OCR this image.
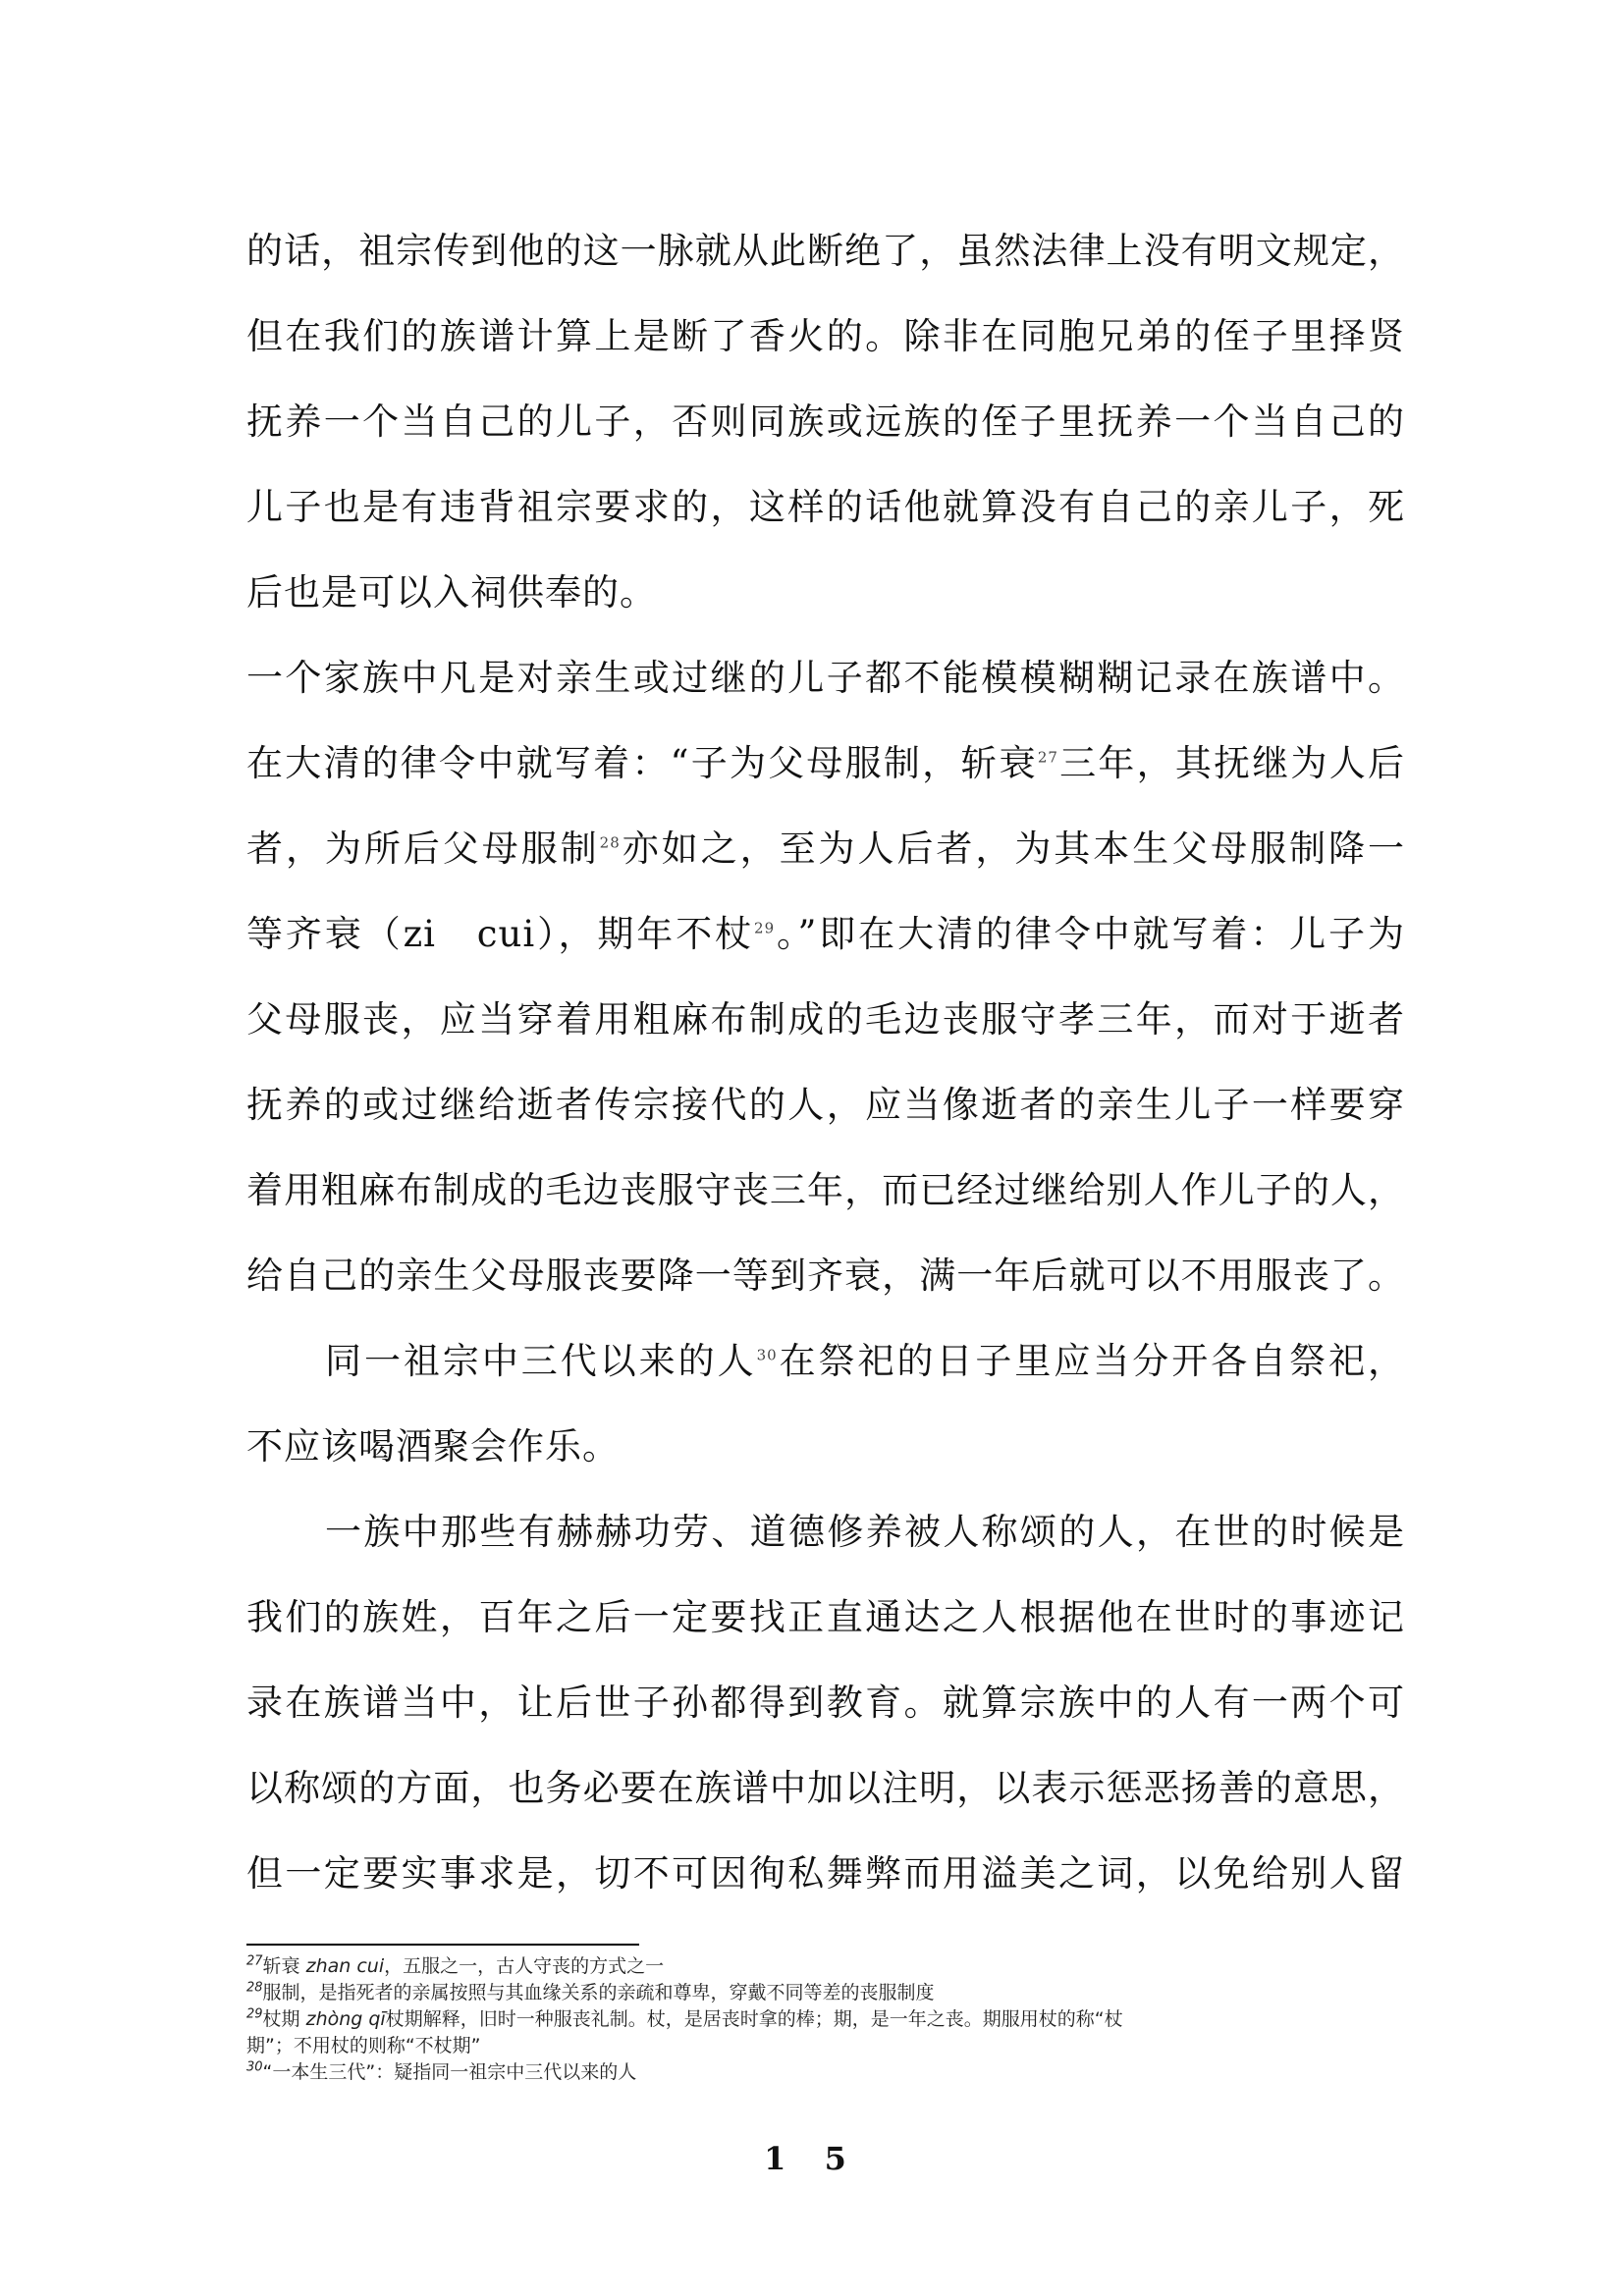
的话，祖宗传到他的这一脉就从此断绝了，虽然法律上没有明文规定，
但在我们的族谱计算上是断了香火的。除非在同胞兄弟的侄子里择贤
抚养一个当自己的儿子，否则同族或远族的侄子里抚养一个当自己的
儿子也是有违背祖宗要求的，这样的话他就算没有自己的亲儿子，死
后也是可以入祠供奉的。

一个家族中凡是对亲生或过继的儿子都不能模模糊糊记录在族谱中。
在大清的律令中就写着：“子为父母服制，斩衰$^{27}$三年，其抚继为人后
者，为所后父母服制$^{28}$亦如之，至为人后者，为其本生父母服制降一
等齐衰（zi　cui），期年不杖$^{29}$。”即在大清的律令中就写着：儿子为
父母服丧，应当穿着用粗麻布制成的毛边丧服守孝三年，而对于逝者
抚养的或过继给逝者传宗接代的人，应当像逝者的亲生儿子一样要穿
着用粗麻布制成的毛边丧服守丧三年，而已经过继给别人作儿子的人，
给自己的亲生父母服丧要降一等到齐衰，满一年后就可以不用服丧了。

同一祖宗中三代以来的人$^{30}$在祭祀的日子里应当分开各自祭祀，
不应该喝酒聚会作乐。

一族中那些有赫赫功劳、道德修养被人称颂的人，在世的时候是
我们的族姓，百年之后一定要找正直通达之人根据他在世时的事迹记
录在族谱当中，让后世子孙都得到教育。就算宗族中的人有一两个可
以称颂的方面，也务必要在族谱中加以注明，以表示惩恶扬善的意思，
但一定要实事求是，切不可因徇私舞弊而用溢美之词，以免给别人留

$^{27}$斩衰 zhan cui，五服之一，古人守丧的方式之一

$^{28}$服制，是指死者的亲属按照与其血缘关系的亲疏和尊卑，穿戴不同等差的丧服制度

$^{29}$杖期 zhòng qī杖期解释，旧时一种服丧礼制。杖，是居丧时拿的棒；期，是一年之丧。期服用杖的称“杖

期”；不用杖的则称“不杖期”

$^{30}$“一本生三代”：疑指同一祖宗中三代以来的人

1 5
